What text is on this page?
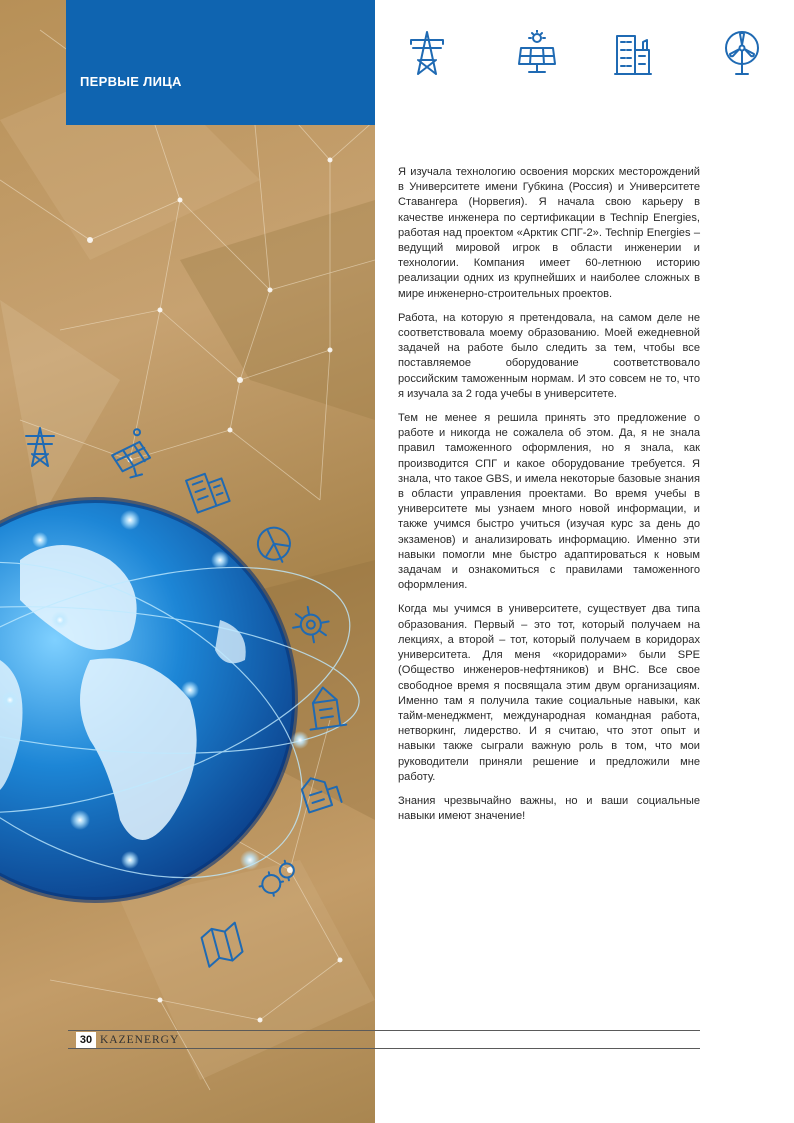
ПЕРВЫЕ ЛИЦА

Я изучала технологию освоения морских месторождений в Университете имени Губкина (Россия) и Университете Ставангера (Норвегия). Я начала свою карьеру в качестве инженера по сертификации в Technip Energies, работая над проектом «Арктик СПГ-2». Technip Energies – ведущий мировой игрок в области инженерии и технологии. Компания имеет 60-летнюю историю реализации одних из крупнейших и наиболее сложных в мире инженерно-строительных проектов.

Работа, на которую я претендовала, на самом деле не соответствовала моему образованию. Моей ежедневной задачей на работе было следить за тем, чтобы все поставляемое оборудование соответствовало российским таможенным нормам. И это совсем не то, что я изучала за 2 года учебы в университете.

Тем не менее я решила принять это предложение о работе и никогда не сожалела об этом. Да, я не знала правил таможенного оформления, но я знала, как производится СПГ и какое оборудование требуется. Я знала, что такое GBS, и имела некоторые базовые знания в области управления проектами. Во время учебы в университете мы узнаем много новой информации, и также учимся быстро учиться (изучая курс за день до экзаменов) и анализировать информацию. Именно эти навыки помогли мне быстро адаптироваться к новым задачам и ознакомиться с правилами таможенного оформления.

Когда мы учимся в университете, существует два типа образования. Первый – это тот, который получаем на лекциях, а второй – тот, который получаем в коридорах университета. Для меня «коридорами» были SPE (Общество инженеров-нефтяников) и ВНС. Все свое свободное время я посвящала этим двум организациям. Именно там я получила такие социальные навыки, как тайм-менеджмент, международная командная работа, нетворкинг, лидерство. И я считаю, что этот опыт и навыки также сыграли важную роль в том, что мои руководители приняли решение и предложили мне работу.

Знания чрезвычайно важны, но и ваши социальные навыки имеют значение!

30 KAZENERGY
